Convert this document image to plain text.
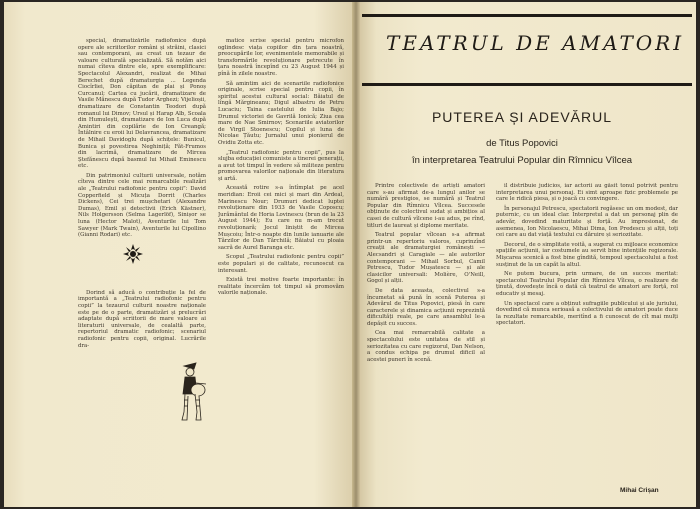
special, dramatizările radiofonice după opere ale scriitorilor români și străini, clasici sau contemporani, au creat un tezaur de valoare culturală specializată. Să notăm aici numai cîteva dintre ele, spre exemplificare: Spectacolul Alexandri, realizat de Mihai Berechet după dramaturgia ... Legenda Ciocîrliei, Don căpitan de plai și Ponoș Curcanul; Cartea cu jucării, dramatizare de Vasile Mănescu după Tudor Arghezi; Vijelioșii, dramatizare de Constantin Teodori după romanul lui Dimov; Ursul și Harap Alb, Scoala din Humulești, dramatizare de Ion Luca după Amintiri din copilărie de Ion Creangă; Întâlnire cu eroii lui Delavrancea, dramatizare de Mihail Davidoglu după schițele: Bunicul, Bunica și povestirea Neghiniță; Făt-Frumos din lacrimă, dramatizare de Mircea Ștefănescu după basmul lui Mihail Eminescu etc.

Din patrimoniul culturii universale, notăm cîteva dintre cele mai remarcabile realizări ale „Teatrului radiofonic pentru copii”: David Copperfield și Micuța Dorrit (Charles Dickens), Cei trei mușchetari (Alexandre Dumas), Emil și detectivii (Erich Kästner), Nils Holgersson (Selma Lagerlöf), Sinișor se luna (Hector Malot), Aventurile lui Tom Sawyer (Mark Twain), Aventurile lui Cipollino (Gianni Rodari) etc.

Dorind să aducă o contribuție la fel de importantă a „Teatrului radiofonic pentru copii” la tezaurul culturii noastre naționale este pe de o parte, dramatizări și prelucrări adaptate după scriitorii de mare valoare ai literaturii universale, de cealaltă parte, repertoriul dramatic radiofonic; scenariul radiofonic pentru copii, original. Lucrările dra-

matice scrise special pentru microfon oglindesc viața copiilor din țara noastră, preocupările lor, evenimentele memorabile și transformările revoluționare petrecute în țara noastră începînd cu 23 August 1944 și pînă în zilele noastre.

Să amintim aici de scenariile radiofonice originale, scrise special pentru copii, în spiritul acestui cultural social: Băiatul de lîngă Mărgineanu; Digul albastru de Petru Lucaciu; Taina castelului de Iulia Bajo; Drumul victoriei de Gavrilă Ionică; Ziua cea mare de Nae Smirnov; Scenariile aviatorilor de Virgil Stoenescu; Copilul și luna de Nicolae Țăutu; Jurnalul unui pionierul de Ovidiu Zotta etc.

„Teatrul radiofonic pentru copii”, pus la slujba educației comuniste a tinerei generații, a avut tot timpul în vedere să militeze pentru promovarea valorilor naționale din literatura și artă.

Această rotire s-a întîmplat pe acel meridian: Eroii cei mici și mari din Ardeal, Marinescu Nour; Drumuri dedicat luptei revoluționare din 1933 de Vasile Coposcu; Jurământul de Horia Lovinescu (brun de la 23 August 1944); Eu care nu m-am trecut revoluționară; Jocul liniștit de Mircea Mușcoiu; Într-o noapte din lunile ianuarie ale Tărzilor de Dan Tărchilă; Băiatul cu ploaia sacră de Aurel Baranga etc.

Scopul „Teatrului radiofonic pentru copii” este populari și de calitate, recunoscut ca interesant.

Există trei motive foarte importante: în realitate încercăm tot timpul să promovăm valorile naționale.

TEATRUL DE AMATORI
PUTEREA ȘI ADEVĂRUL
de Titus Popovici
în interpretarea Teatrului Popular din Rîmnicu Vîlcea

Printre colectivele de artiști amatori care s-au afirmat de-a lungul anilor se numără prestigios, se numără și Teatrul Popular din Rîmnicu Vîlcea. Succesele obținute de colectivul sudat și ambițios al casei de cultură vîlcene i-au adus, pe rînd, titluri de laureat și diplome meritate.

Teatrul popular vîlcean s-a afirmat printr-un repertoriu valoros, cuprinzînd creații ale dramaturgiei românești — Alecsandri și Caragiale — ale autorilor contemporani — Mihail Sorbul, Camil Petrescu, Tudor Mușatescu — și ale clasicilor universali: Molière, O'Neill, Gogol și alții.

De data aceasta, colectivul s-a încumetat să pună în scenă Puterea și Adevărul de Titus Popovici, piesă în care caracterele și dinamica acțiunii reprezintă dificultăți reale, pe care ansamblul le-a depășit cu succes.

Cea mai remarcabilă calitate a spectacolului este unitatea de stil și seriozitatea cu care regizorul, Dan Nelson, a condus echipa pe drumul dificil al acestei puneri în scenă.

il distribuie judicios, iar actorii au găsit tonul potrivit pentru interpretarea unui personaj. Ei simt aproape fizic problemele pe care le ridică piesa, și o joacă cu convingere.

În personajul Petrescu, spectatorii regăsesc un om modest, dar puternic, cu un ideal clar. Interpretul a dat un personaj plin de adevăr, dovedind maturitate și forță. Au impresionat, de asemenea, Ion Nicolaescu, Mihai Dima, Ion Predescu și alții, toți cei care au dat viață textului cu dăruire și seriozitate.

Decorul, de o simplitate voită, a sugerat cu mijloace economice spațiile acțiunii, iar costumele au servit bine intențiile regizorale. Mișcarea scenică a fost bine gîndită, tempoul spectacolului a fost susținut de la un capăt la altul.

Ne putem bucura, prin urmare, de un succes meritat: spectacolul Teatrului Popular din Rîmnicu Vîlcea, o realizare de ținută, dovedește încă o dată că teatrul de amatori are forță, rol educativ și mesaj.

Un spectacol care a obținut sufragiile publicului și ale juriului, dovedind că munca serioasă a colectivului de amatori poate duce la rezultate remarcabile, meritînd a fi cunoscut de cît mai mulți spectatori.

Mihai Crișan
